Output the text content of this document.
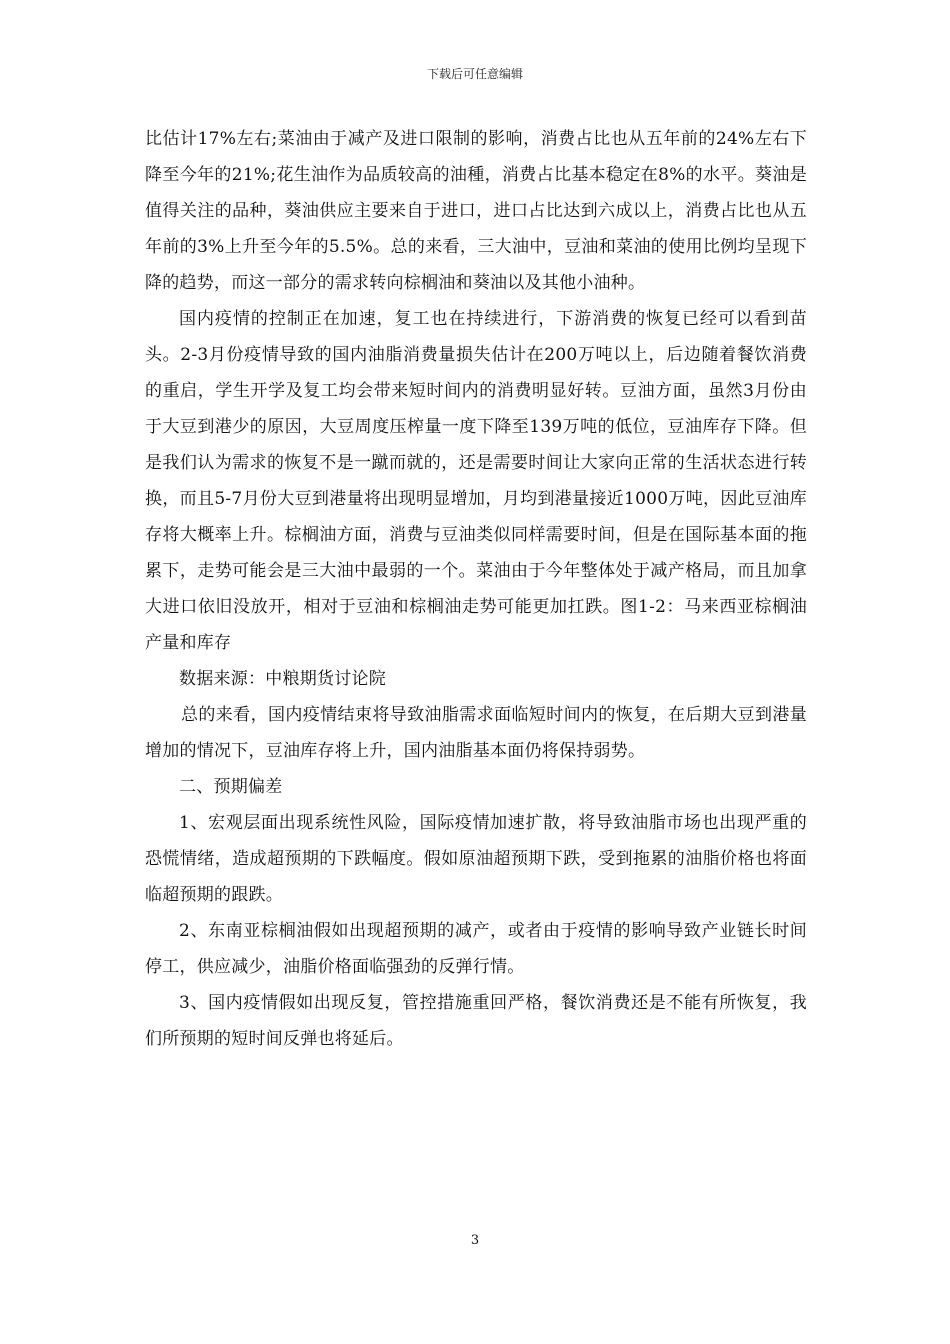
下载后可任意编辑

比估计17%左右;菜油由于减产及进口限制的影响，消费占比也从五年前的24%左右下降至今年的21%;花生油作为品质较高的油種，消费占比基本稳定在8%的水平。葵油是值得关注的品种，葵油供应主要来自于进口，进口占比达到六成以上，消费占比也从五年前的3%上升至今年的5.5%。总的来看，三大油中，豆油和菜油的使用比例均呈现下降的趋势，而这一部分的需求转向棕榈油和葵油以及其他小油种。

国内疫情的控制正在加速，复工也在持续进行，下游消费的恢复已经可以看到苗头。2-3月份疫情导致的国内油脂消费量损失估计在200万吨以上，后边随着餐饮消费的重启，学生开学及复工均会带来短时间内的消费明显好转。豆油方面，虽然3月份由于大豆到港少的原因，大豆周度压榨量一度下降至139万吨的低位，豆油库存下降。但是我们认为需求的恢复不是一蹴而就的，还是需要时间让大家向正常的生活状态进行转换，而且5-7月份大豆到港量将出现明显增加，月均到港量接近1000万吨，因此豆油库存将大概率上升。棕榈油方面，消费与豆油类似同样需要时间，但是在国际基本面的拖累下，走势可能会是三大油中最弱的一个。菜油由于今年整体处于减产格局，而且加拿大进口依旧没放开，相对于豆油和棕榈油走势可能更加扛跌。图1-2：马来西亚棕榈油产量和库存

数据来源：中粮期货讨论院

总的来看，国内疫情结束将导致油脂需求面临短时间内的恢复，在后期大豆到港量增加的情况下，豆油库存将上升，国内油脂基本面仍将保持弱势。

二、预期偏差

1、宏观层面出现系统性风险，国际疫情加速扩散，将导致油脂市场也出现严重的恐慌情绪，造成超预期的下跌幅度。假如原油超预期下跌，受到拖累的油脂价格也将面临超预期的跟跌。

2、东南亚棕榈油假如出现超预期的减产，或者由于疫情的影响导致产业链长时间停工，供应减少，油脂价格面临强劲的反弹行情。

3、国内疫情假如出现反复，管控措施重回严格，餐饮消费还是不能有所恢复，我们所预期的短时间反弹也将延后。

3
